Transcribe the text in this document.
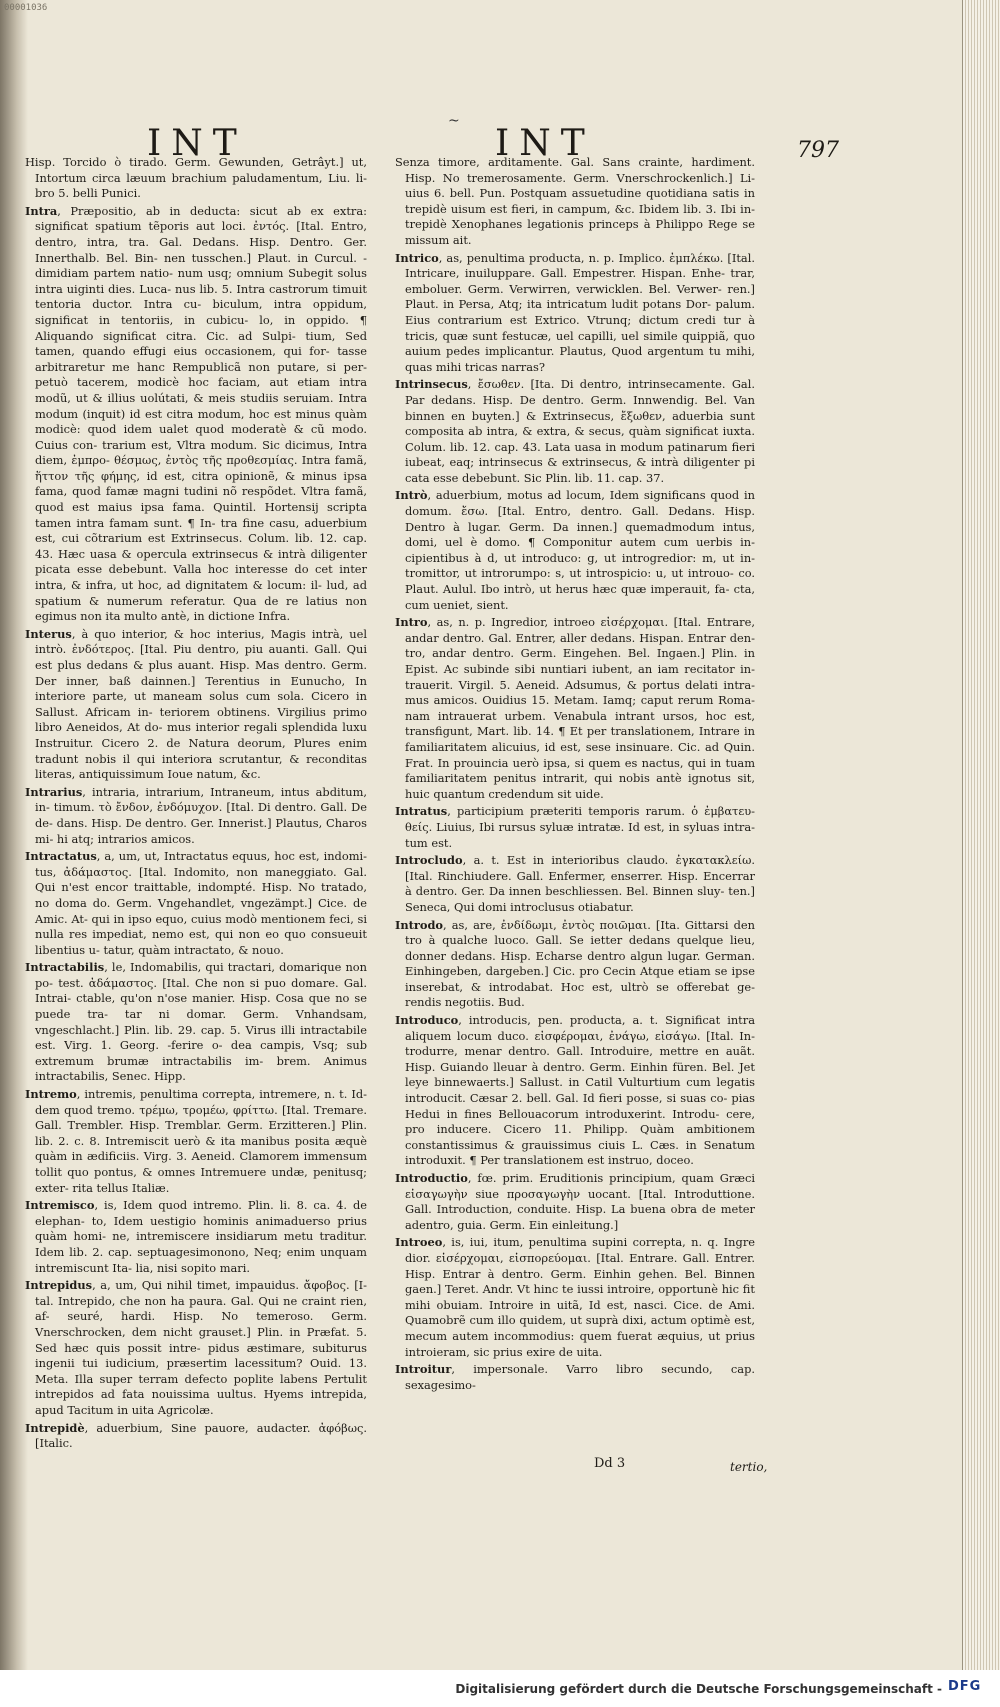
00001036
INT
~
INT	797

Hisp. Torcido ò tirado. Germ. Gewunden, Getrâyt.] ut, Intortum circa læuum brachium paludamentum, Liu. li- bro 5. belli Punici.

Intra, Præpositio, ab in deducta: sicut ab ex extra: significat spatium tẽporis aut loci. ἐντός. [Ital. Entro, dentro, intra, tra. Gal. Dedans. Hisp. Dentro. Ger. Innerthalb. Bel. Bin- nen tusschen.] Plaut. in Curcul. -dimidiam partem natio- num usq; omnium Subegit solus intra uiginti dies. Luca- nus lib. 5. Intra castrorum timuit tentoria ductor. Intra cu- biculum, intra oppidum, significat in tentoriis, in cubicu- lo, in oppido. ¶ Aliquando significat citra. Cic. ad Sulpi- tium, Sed tamen, quando effugi eius occasionem, qui for- tasse arbitraretur me hanc Rempublicã non putare, si per- petuò tacerem, modicè hoc faciam, aut etiam intra modũ, ut & illius uolútati, & meis studiis seruiam. Intra modum (inquit) id est citra modum, hoc est minus quàm modicè: quod idem ualet quod moderatè & cũ modo. Cuius con- trarium est, Vltra modum. Sic dicimus, Intra diem, ἐμπρο- θέσμως, ἐντὸς τῆς προθεσμίας. Intra famã, ἥττον τῆς φήμης, id est, citra opinionẽ, & minus ipsa fama, quod famæ magni tudini nõ respõdet. Vltra famã, quod est maius ipsa fama. Quintil. Hortensij scripta tamen intra famam sunt. ¶ In- tra fine casu, aduerbium est, cui cõtrarium est Extrinsecus. Colum. lib. 12. cap. 43. Hæc uasa & opercula extrinsecus & intrà diligenter picata esse debebunt. Valla hoc interesse do cet inter intra, & infra, ut hoc, ad dignitatem & locum: il- lud, ad spatium & numerum referatur. Qua de re latius non egimus non ita multo antè, in dictione Infra.

Interus, à quo interior, & hoc interius, Magis intrà, uel intrò. ἐνδότερος. [Ital. Piu dentro, piu auanti. Gall. Qui est plus dedans & plus auant. Hisp. Mas dentro. Germ. Der inner, baß dainnen.] Terentius in Eunucho, In interiore parte, ut maneam solus cum sola. Cicero in Sallust. Africam in- teriorem obtinens. Virgilius primo libro Aeneidos, At do- mus interior regali splendida luxu Instruitur. Cicero 2. de Natura deorum, Plures enim tradunt nobis il qui interiora scrutantur, & reconditas literas, antiquissimum Ioue natum, &c.

Intrarius, intraria, intrarium, Intraneum, intus abditum, in- timum. τὸ ἔνδον, ἐνδόμυχον. [Ital. Di dentro. Gall. De de- dans. Hisp. De dentro. Ger. Innerist.] Plautus, Charos mi- hi atq; intrarios amicos.

Intractatus, a, um, ut, Intractatus equus, hoc est, indomi- tus, ἀδάμαστος. [Ital. Indomito, non maneggiato. Gal. Qui n'est encor traittable, indompté. Hisp. No tratado, no doma do. Germ. Vngehandlet, vngezämpt.] Cice. de Amic. At- qui in ipso equo, cuius modò mentionem feci, si nulla res impediat, nemo est, qui non eo quo consueuit libentius u- tatur, quàm intractato, & nouo.

Intractabilis, le, Indomabilis, qui tractari, domarique non po- test. ἀδάμαστος. [Ital. Che non si puo domare. Gal. Intrai- ctable, qu'on n'ose manier. Hisp. Cosa que no se puede tra- tar ni domar. Germ. Vnhandsam, vngeschlacht.] Plin. lib. 29. cap. 5. Virus illi intractabile est. Virg. 1. Georg. -ferire o- dea campis, Vsq; sub extremum brumæ intractabilis im- brem. Animus intractabilis, Senec. Hipp.

Intremo, intremis, penultima correpta, intremere, n. t. Id- dem quod tremo. τρέμω, τρομέω, φρίττω. [Ital. Tremare. Gall. Trembler. Hisp. Tremblar. Germ. Erzitteren.] Plin. lib. 2. c. 8. Intremiscit uerò & ita manibus posita æquè quàm in ædificiis. Virg. 3. Aeneid. Clamorem immensum tollit quo pontus, & omnes Intremuere undæ, penitusq; exter- rita tellus Italiæ.

Intremisco, is, Idem quod intremo. Plin. li. 8. ca. 4. de elephan- to, Idem uestigio hominis animaduerso prius quàm homi- ne, intremiscere insidiarum metu traditur. Idem lib. 2. cap. septuagesimonono, Neq; enim unquam intremiscunt Ita- lia, nisi sopito mari.

Intrepidus, a, um, Qui nihil timet, impauidus. ἄφοβος. [I- tal. Intrepido, che non ha paura. Gal. Qui ne craint rien, af- seuré, hardi. Hisp. No temeroso. Germ. Vnerschrocken, dem nicht grauset.] Plin. in Præfat. 5. Sed hæc quis possit intre- pidus æstimare, subiturus ingenii tui iudicium, præsertim lacessitum? Ouid. 13. Meta. Illa super terram defecto poplite labens Pertulit intrepidos ad fata nouissima uultus. Hyems intrepida, apud Tacitum in uita Agricolæ.

Intrepidè, aduerbium, Sine pauore, audacter. ἀφόβως. [Italic.

Senza timore, arditamente. Gal. Sans crainte, hardiment. Hisp. No tremerosamente. Germ. Vnerschrockenlich.] Li- uius 6. bell. Pun. Postquam assuetudine quotidiana satis in trepidè uisum est fieri, in campum, &c. Ibidem lib. 3. Ibi in- trepidè Xenophanes legationis princeps à Philippo Rege se missum ait.

Intrico, as, penultima producta, n. p. Implico. ἐμπλέκω. [Ital. Intricare, inuiluppare. Gall. Empestrer. Hispan. Enhe- trar, emboluer. Germ. Verwirren, verwicklen. Bel. Verwer- ren.] Plaut. in Persa, Atq; ita intricatum ludit potans Dor- palum. Eius contrarium est Extrico. Vtrunq; dictum credi tur à tricis, quæ sunt festucæ, uel capilli, uel simile quippiã, quo auium pedes implicantur. Plautus, Quod argentum tu mihi, quas mihi tricas narras?

Intrinsecus, ἔσωθεν. [Ita. Di dentro, intrinsecamente. Gal. Par dedans. Hisp. De dentro. Germ. Innwendig. Bel. Van binnen en buyten.] & Extrinsecus, ἔξωθεν, aduerbia sunt composita ab intra, & extra, & secus, quàm significat iuxta. Colum. lib. 12. cap. 43. Lata uasa in modum patinarum fieri iubeat, eaq; intrinsecus & extrinsecus, & intrà diligenter pi cata esse debebunt. Sic Plin. lib. 11. cap. 37.

Intrò, aduerbium, motus ad locum, Idem significans quod in domum. ἔσω. [Ital. Entro, dentro. Gall. Dedans. Hisp. Dentro à lugar. Germ. Da innen.] quemadmodum intus, domi, uel è domo. ¶ Componitur autem cum uerbis in- cipientibus à d, ut introduco: g, ut introgredior: m, ut in- tromittor, ut introrumpo: s, ut introspicio: u, ut introuo- co. Plaut. Aulul. Ibo intrò, ut herus hæc quæ imperauit, fa- cta, cum ueniet, sient.

Intro, as, n. p. Ingredior, introeo εἰσέρχομαι. [Ital. Entrare, andar dentro. Gal. Entrer, aller dedans. Hispan. Entrar den- tro, andar dentro. Germ. Eingehen. Bel. Ingaen.] Plin. in Epist. Ac subinde sibi nuntiari iubent, an iam recitator in- trauerit. Virgil. 5. Aeneid. Adsumus, & portus delati intra- mus amicos. Ouidius 15. Metam. Iamq; caput rerum Roma- nam intrauerat urbem. Venabula intrant ursos, hoc est, transfigunt, Mart. lib. 14. ¶ Et per translationem, Intrare in familiaritatem alicuius, id est, sese insinuare. Cic. ad Quin. Frat. In prouincia uerò ipsa, si quem es nactus, qui in tuam familiaritatem penitus intrarit, qui nobis antè ignotus sit, huic quantum credendum sit uide.

Intratus, participium præteriti temporis rarum. ὁ ἐμβατευ- θείς. Liuius, Ibi rursus syluæ intratæ. Id est, in syluas intra- tum est.

Introcludo, a. t. Est in interioribus claudo. ἐγκατακλείω. [Ital. Rinchiudere. Gall. Enfermer, enserrer. Hisp. Encerrar à dentro. Ger. Da innen beschliessen. Bel. Binnen sluy- ten.] Seneca, Qui domi introclusus otiabatur.

Introdo, as, are, ἐνδίδωμι, ἐντὸς ποιῶμαι. [Ita. Gittarsi den tro à qualche luoco. Gall. Se ietter dedans quelque lieu, donner dedans. Hisp. Echarse dentro algun lugar. German. Einhingeben, dargeben.] Cic. pro Cecin Atque etiam se ipse inserebat, & introdabat. Hoc est, ultrò se offerebat ge- rendis negotiis. Bud.

Introduco, introducis, pen. producta, a. t. Significat intra aliquem locum duco. εἰσφέρομαι, ἐνάγω, εἰσάγω. [Ital. In- trodurre, menar dentro. Gall. Introduire, mettre en auãt. Hisp. Guiando lleuar à dentro. Germ. Einhin füren. Bel. Jet leye binnewaerts.] Sallust. in Catil Vulturtium cum legatis introducit. Cæsar 2. bell. Gal. Id fieri posse, si suas co- pias Hedui in fines Bellouacorum introduxerint. Introdu- cere, pro inducere. Cicero 11. Philipp. Quàm ambitionem constantissimus & grauissimus ciuis L. Cæs. in Senatum introduxit. ¶ Per translationem est instruo, doceo.

Introductio, fœ. prim. Eruditionis principium, quam Græci εἰσαγωγὴν siue προσαγωγὴν uocant. [Ital. Introduttione. Gall. Introduction, conduite. Hisp. La buena obra de meter adentro, guia. Germ. Ein einleitung.]

Introeo, is, iui, itum, penultima supini correpta, n. q. Ingre dior. εἰσέρχομαι, εἰσπορεύομαι. [Ital. Entrare. Gall. Entrer. Hisp. Entrar à dentro. Germ. Einhin gehen. Bel. Binnen gaen.] Teret. Andr. Vt hinc te iussi introire, opportunè hic fit mihi obuiam. Introire in uitã, Id est, nasci. Cice. de Ami. Quamobrẽ cum illo quidem, ut suprà dixi, actum optimè est, mecum autem incommodius: quem fuerat æquius, ut prius introieram, sic prius exire de uita.

Introitur, impersonale. Varro libro secundo, cap. sexagesimo-

Dd 3	tertio,
Digitalisierung gefördert durch die Deutsche Forschungsgemeinschaft - DFG
